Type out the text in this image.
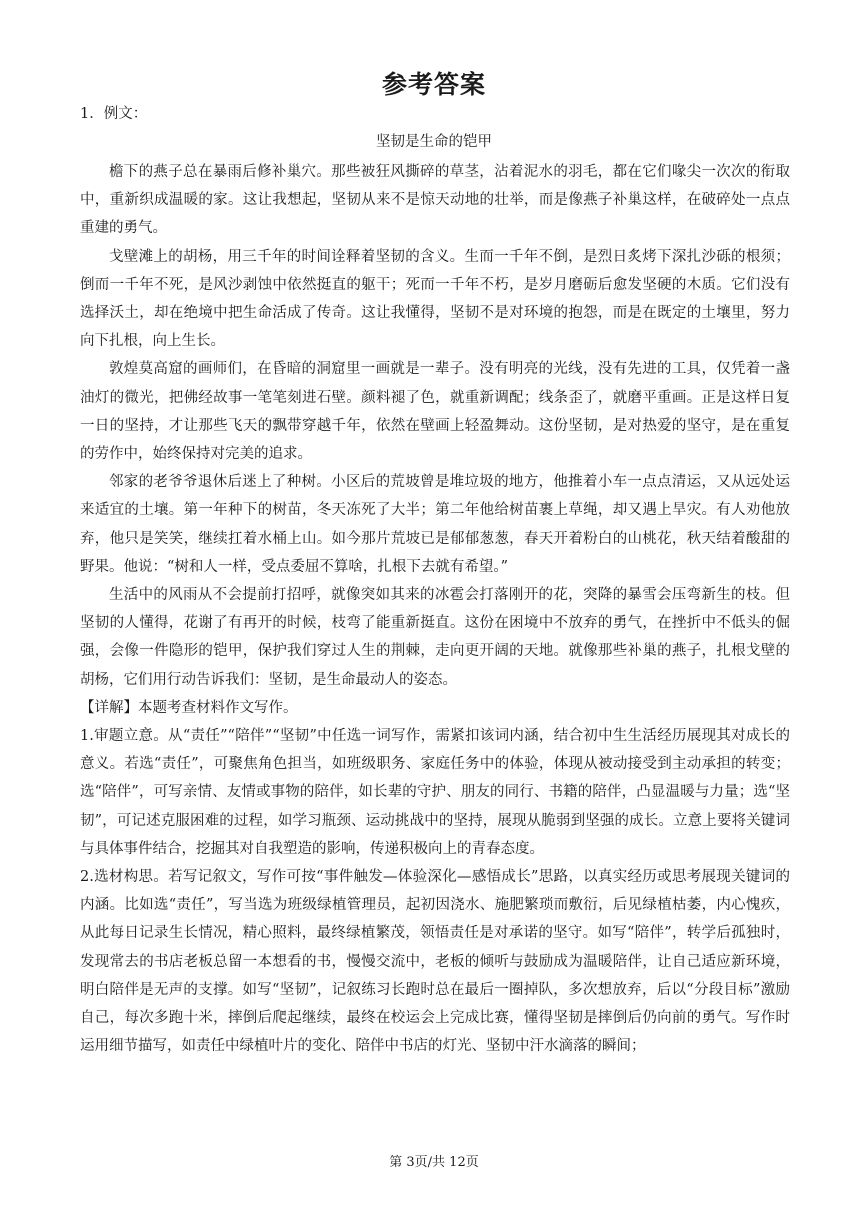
参考答案
1．例文：
坚韧是生命的铠甲

檐下的燕子总在暴雨后修补巢穴。那些被狂风撕碎的草茎，沾着泥水的羽毛，都在它们喙尖一次次的衔取中，重新织成温暖的家。这让我想起，坚韧从来不是惊天动地的壮举，而是像燕子补巢这样，在破碎处一点点重建的勇气。

戈壁滩上的胡杨，用三千年的时间诠释着坚韧的含义。生而一千年不倒，是烈日炙烤下深扎沙砾的根须；倒而一千年不死，是风沙剥蚀中依然挺直的躯干；死而一千年不朽，是岁月磨砺后愈发坚硬的木质。它们没有选择沃土，却在绝境中把生命活成了传奇。这让我懂得，坚韧不是对环境的抱怨，而是在既定的土壤里，努力向下扎根，向上生长。

敦煌莫高窟的画师们，在昏暗的洞窟里一画就是一辈子。没有明亮的光线，没有先进的工具，仅凭着一盏油灯的微光，把佛经故事一笔笔刻进石壁。颜料褪了色，就重新调配；线条歪了，就磨平重画。正是这样日复一日的坚持，才让那些飞天的飘带穿越千年，依然在壁画上轻盈舞动。这份坚韧，是对热爱的坚守，是在重复的劳作中，始终保持对完美的追求。

邻家的老爷爷退休后迷上了种树。小区后的荒坡曾是堆垃圾的地方，他推着小车一点点清运，又从远处运来适宜的土壤。第一年种下的树苗，冬天冻死了大半；第二年他给树苗裹上草绳，却又遇上旱灾。有人劝他放弃，他只是笑笑，继续扛着水桶上山。如今那片荒坡已是郁郁葱葱，春天开着粉白的山桃花，秋天结着酸甜的野果。他说：“树和人一样，受点委屈不算啥，扎根下去就有希望。”

生活中的风雨从不会提前打招呼，就像突如其来的冰雹会打落刚开的花，突降的暴雪会压弯新生的枝。但坚韧的人懂得，花谢了有再开的时候，枝弯了能重新挺直。这份在困境中不放弃的勇气，在挫折中不低头的倔强，会像一件隐形的铠甲，保护我们穿过人生的荆棘，走向更开阔的天地。就像那些补巢的燕子，扎根戈壁的胡杨，它们用行动告诉我们：坚韧，是生命最动人的姿态。

【详解】本题考查材料作文写作。

1.审题立意。从“责任”“陪伴”“坚韧”中任选一词写作，需紧扣该词内涵，结合初中生生活经历展现其对成长的意义。若选“责任”，可聚焦角色担当，如班级职务、家庭任务中的体验，体现从被动接受到主动承担的转变；选“陪伴”，可写亲情、友情或事物的陪伴，如长辈的守护、朋友的同行、书籍的陪伴，凸显温暖与力量；选“坚韧”，可记述克服困难的过程，如学习瓶颈、运动挑战中的坚持，展现从脆弱到坚强的成长。立意上要将关键词与具体事件结合，挖掘其对自我塑造的影响，传递积极向上的青春态度。

2.选材构思。若写记叙文，写作可按“事件触发—体验深化—感悟成长”思路，以真实经历或思考展现关键词的内涵。比如选“责任”，写当选为班级绿植管理员，起初因浇水、施肥繁琐而敷衍，后见绿植枯萎，内心愧疚，从此每日记录生长情况，精心照料，最终绿植繁茂，领悟责任是对承诺的坚守。如写“陪伴”，转学后孤独时，发现常去的书店老板总留一本想看的书，慢慢交流中，老板的倾听与鼓励成为温暖陪伴，让自己适应新环境，明白陪伴是无声的支撑。如写“坚韧”，记叙练习长跑时总在最后一圈掉队，多次想放弃，后以“分段目标”激励自己，每次多跑十米，摔倒后爬起继续，最终在校运会上完成比赛，懂得坚韧是摔倒后仍向前的勇气。写作时运用细节描写，如责任中绿植叶片的变化、陪伴中书店的灯光、坚韧中汗水滴落的瞬间；

第 3页/共 12页
